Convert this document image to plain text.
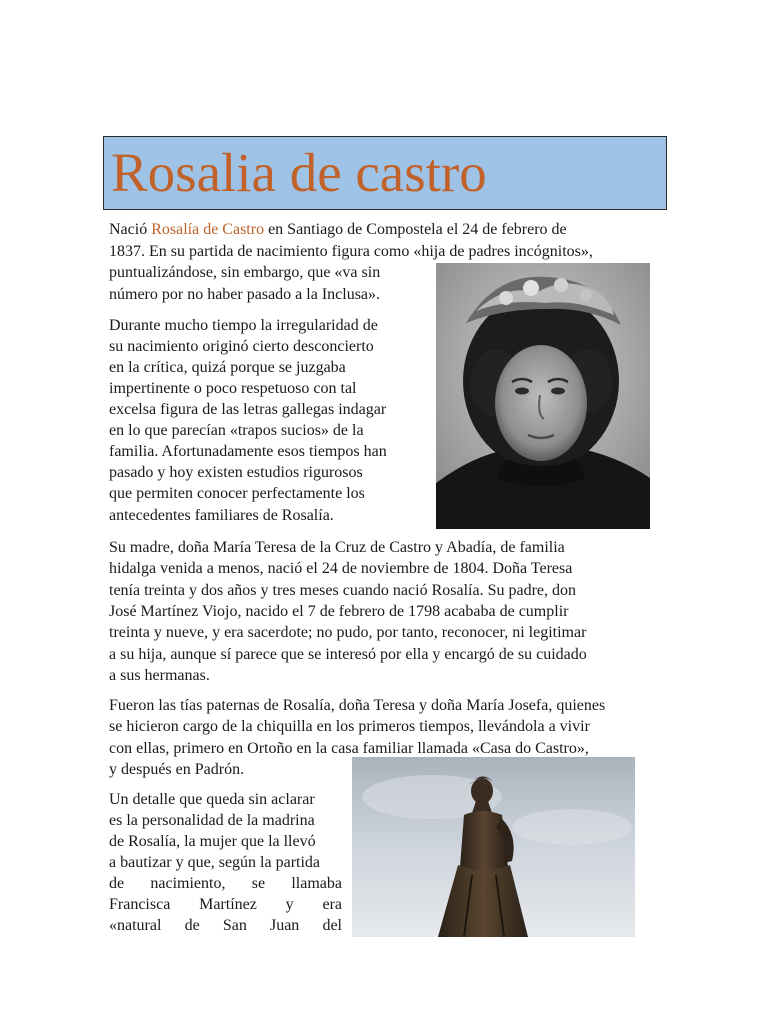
Rosalia de castro
Nació Rosalía de Castro en Santiago de Compostela el 24 de febrero de
1837. En su partida de nacimiento figura como «hija de padres incógnitos»,
puntualizándose, sin embargo, que «va sin
número por no haber pasado a la Inclusa».
Durante mucho tiempo la irregularidad de
su nacimiento originó cierto desconcierto
en la crítica, quizá porque se juzgaba
impertinente o poco respetuoso con tal
excelsa figura de las letras gallegas indagar
en lo que parecían «trapos sucios» de la
familia. Afortunadamente esos tiempos han
pasado y hoy existen estudios rigurosos
que permiten conocer perfectamente los
antecedentes familiares de Rosalía.
Su madre, doña María Teresa de la Cruz de Castro y Abadía, de familia
hidalga venida a menos, nació el 24 de noviembre de 1804. Doña Teresa
tenía treinta y dos años y tres meses cuando nació Rosalía. Su padre, don
José Martínez Viojo, nacido el 7 de febrero de 1798 acababa de cumplir
treinta y nueve, y era sacerdote; no pudo, por tanto, reconocer, ni legitimar
a su hija, aunque sí parece que se interesó por ella y encargó de su cuidado
a sus hermanas.
Fueron las tías paternas de Rosalía, doña Teresa y doña María Josefa, quienes
se hicieron cargo de la chiquilla en los primeros tiempos, llevándola a vivir
con ellas, primero en Ortoño en la casa familiar llamada «Casa do Castro»,
y después en Padrón.
Un detalle que queda sin aclarar
es la personalidad de la madrina
de Rosalía, la mujer que la llevó
a bautizar y que, según la partida
de nacimiento, se llamaba
Francisca Martínez y era
«natural de San Juan del
